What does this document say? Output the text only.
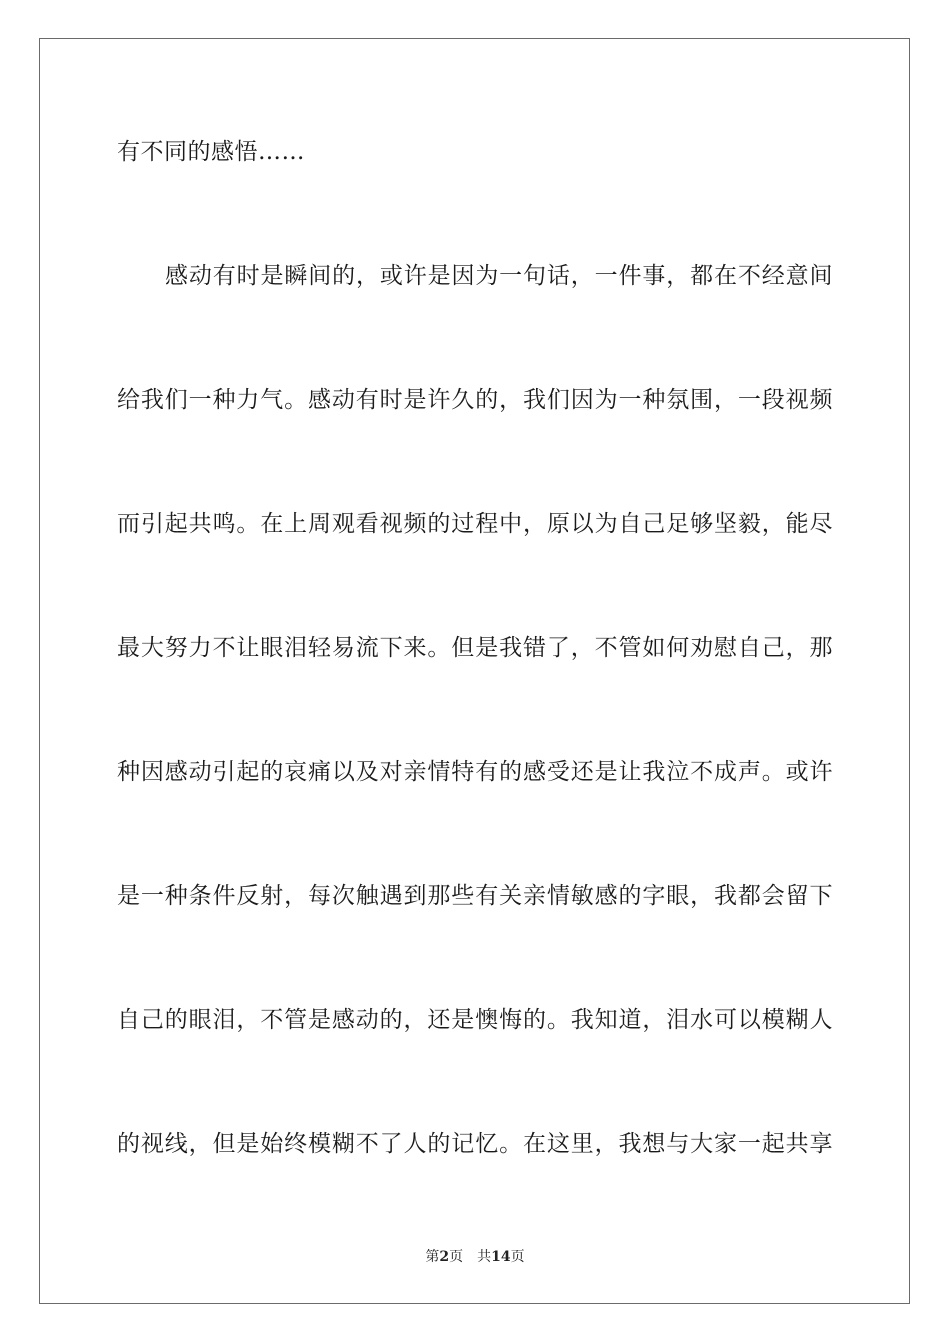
有不同的感悟……
感动有时是瞬间的，或许是因为一句话，一件事，都在不经意间
给我们一种力气。感动有时是许久的，我们因为一种氛围，一段视频
而引起共鸣。在上周观看视频的过程中，原以为自己足够坚毅，能尽
最大努力不让眼泪轻易流下来。但是我错了，不管如何劝慰自己，那
种因感动引起的哀痛以及对亲情特有的感受还是让我泣不成声。或许
是一种条件反射，每次触遇到那些有关亲情敏感的字眼，我都会留下
自己的眼泪，不管是感动的，还是懊悔的。我知道，泪水可以模糊人
的视线，但是始终模糊不了人的记忆。在这里，我想与大家一起共享
第2页 共14页
